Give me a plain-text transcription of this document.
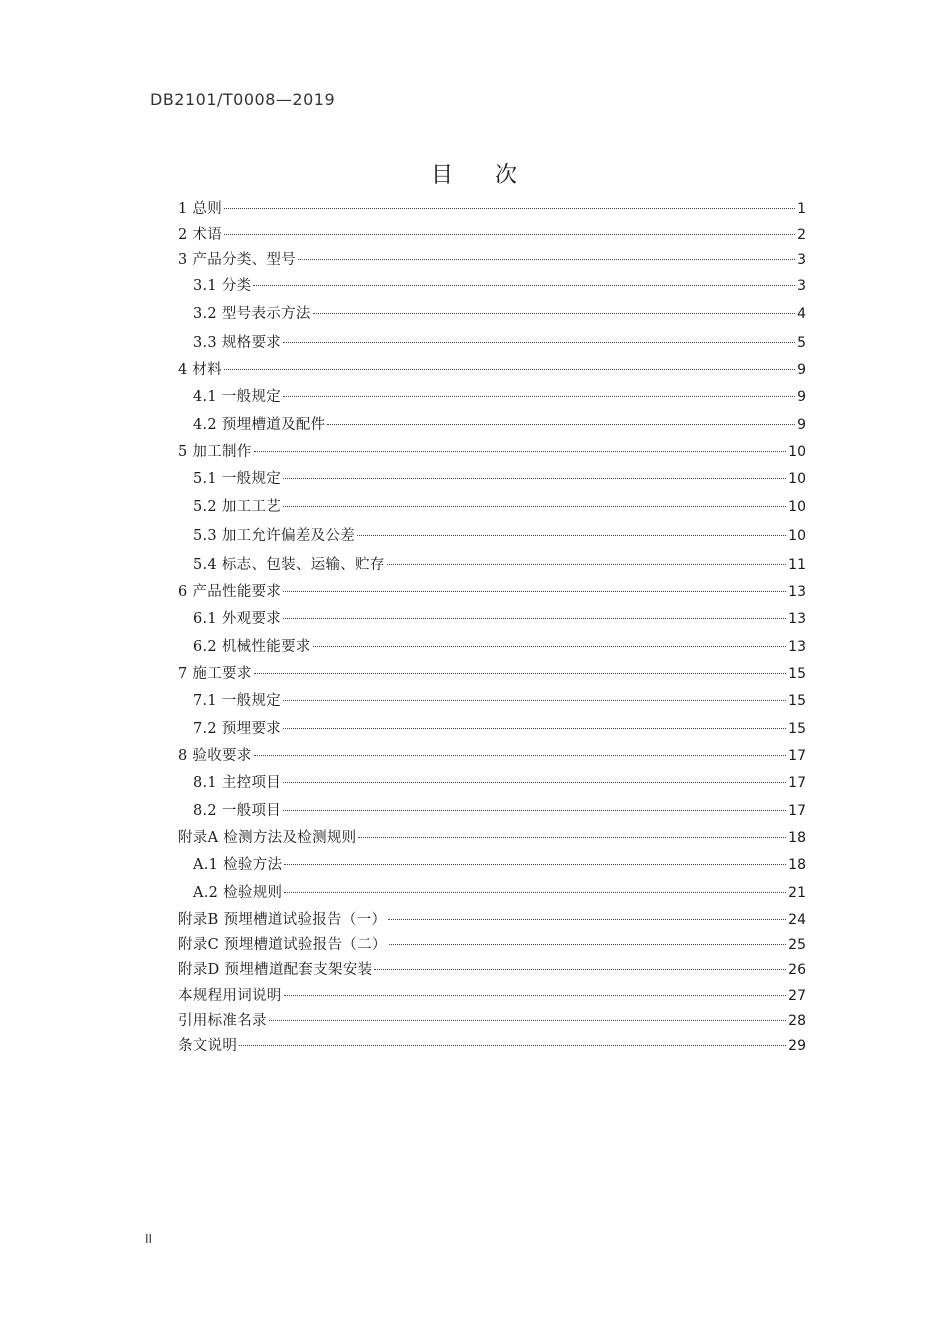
DB2101/T0008—2019
目 次
1 总则	1
2 术语	2
3 产品分类、型号	3
3.1 分类	3
3.2 型号表示方法	4
3.3 规格要求	5
4 材料	9
4.1 一般规定	9
4.2 预埋槽道及配件	9
5 加工制作	10
5.1 一般规定	10
5.2 加工工艺	10
5.3 加工允许偏差及公差	10
5.4 标志、包装、运输、贮存	11
6 产品性能要求	13
6.1 外观要求	13
6.2 机械性能要求	13
7 施工要求	15
7.1 一般规定	15
7.2 预埋要求	15
8 验收要求	17
8.1 主控项目	17
8.2 一般项目	17
附录A 检测方法及检测规则	18
A.1 检验方法	18
A.2 检验规则	21
附录B 预埋槽道试验报告（一）	24
附录C 预埋槽道试验报告（二）	25
附录D 预埋槽道配套支架安装	26
本规程用词说明	27
引用标准名录	28
条文说明	29
II
